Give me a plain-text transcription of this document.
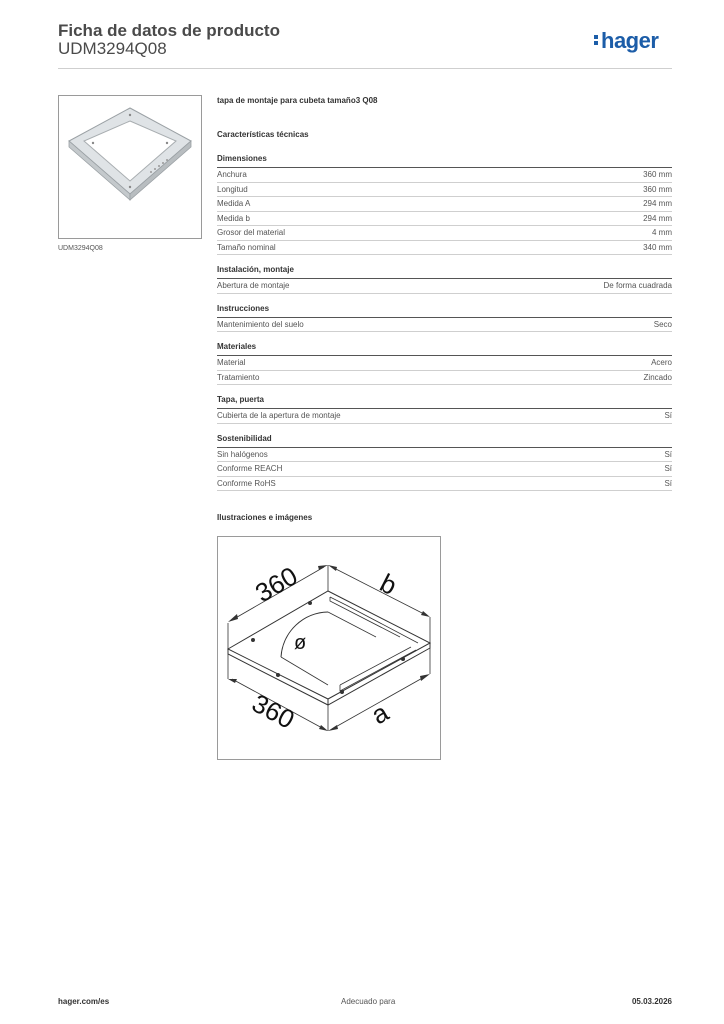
Ficha de datos de producto
UDM3294Q08	hager
UDM3294Q08
tapa de montaje para cubeta tamaño3 Q08
Características técnicas
Dimensiones
Anchura	360 mm
Longitud	360 mm
Medida A	294 mm
Medida b	294 mm
Grosor del material	4 mm
Tamaño nominal	340 mm
Instalación, montaje
Abertura de montaje	De forma cuadrada
Instrucciones
Mantenimiento del suelo	Seco
Materiales
Material	Acero
Tratamiento	Zincado
Tapa, puerta
Cubierta de la apertura de montaje	Sí
Sostenibilidad
Sin halógenos	Sí
Conforme REACH	Sí
Conforme RoHS	Sí
Ilustraciones e imágenes
360	b
360	a
ø
hager.com/es	Adecuado para	05.03.2026
